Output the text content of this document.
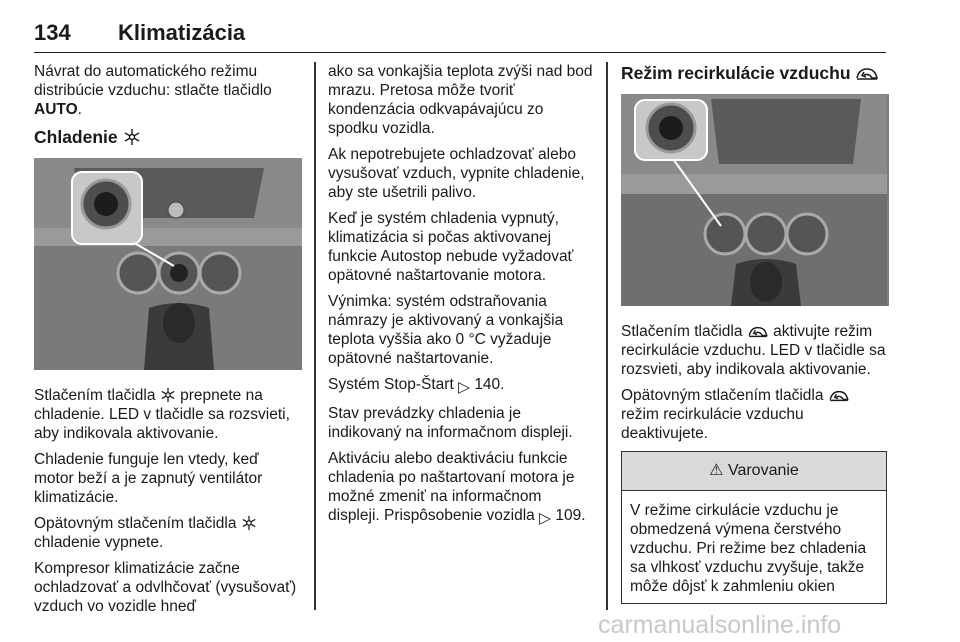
134 Klimatizácia

Návrat do automatického režimu distribúcie vzduchu: stlačte tlačidlo
AUTO.

Chladenie

Stlačením tlačidla prepnete na chladenie. LED v tlačidle sa rozsvieti, aby indikovala aktivovanie.

Chladenie funguje len vtedy, keď motor beží a je zapnutý ventilátor klimatizácie.

Opätovným stlačením tlačidla  chladenie vypnete.

Kompresor klimatizácie začne ochladzovať a odvlhčovať (vysušovať) vzduch vo vozidle hneď

ako sa vonkajšia teplota zvýši nad bod mrazu. Pretosa môže tvoriť kondenzácia odkvapávajúcu zo spodku vozidla.

Ak nepotrebujete ochladzovať alebo vysušovať vzduch, vypnite chladenie, aby ste ušetrili palivo.

Keď je systém chladenia vypnutý, klimatizácia si počas aktivovanej funkcie Autostop nebude vyžadovať opätovné naštartovanie motora.

Výnimka: systém odstraňovania námrazy je aktivovaný a vonkajšia teplota vyššia ako 0 °C vyžaduje opätovné naštartovanie.

Systém Stop-Štart ▷ 140.

Stav prevádzky chladenia je indikovaný na informačnom displeji.

Aktiváciu alebo deaktiváciu funkcie chladenia po naštartovaní motora je možné zmeniť na informačnom displeji. Prispôsobenie vozidla ▷ 109.

Režim recirkulácie vzduchu

Stlačením tlačidla aktivujte režim recirkulácie vzduchu. LED v tlačidle sa rozsvieti, aby indikovala aktivovanie.

Opätovným stlačením tlačidla  režim recirkulácie vzduchu deaktivujete.

⚠ Varovanie

V režime cirkulácie vzduchu je obmedzená výmena čerstvého vzduchu. Pri režime bez chladenia sa vlhkosť vzduchu zvyšuje, takže môže dôjsť k zahmleniu okien

carmanualsonline.info
